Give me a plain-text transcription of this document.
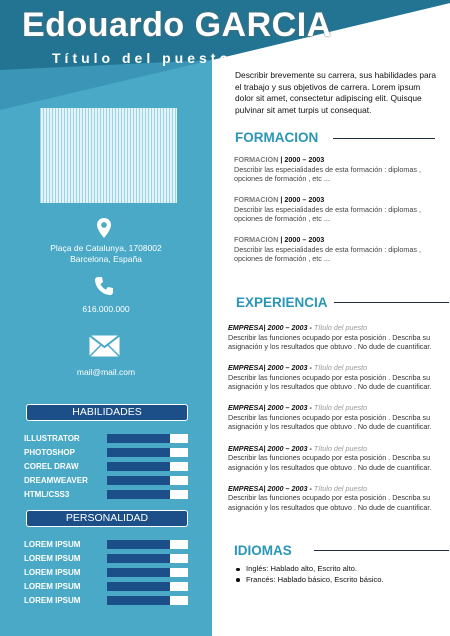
Edouardo GARCIA
Título del puesto
Plaça de Catalunya, 1708002
Barcelona, España
616.000.000
mail@mail.com
HABILIDADES
ILLUSTRATOR
PHOTOSHOP
COREL DRAW
DREAMWEAVER
HTML/CSS3
PERSONALIDAD
LOREM IPSUM
LOREM IPSUM
LOREM IPSUM
LOREM IPSUM
LOREM IPSUM
Describir brevemente su carrera, sus habilidades para el trabajo y sus objetivos de carrera. Lorem ipsum dolor sit amet, consectetur adipiscing elit. Quisque pulvinar sit amet turpis ut consequat.
FORMACION
FORMACION | 2000 – 2003
Describir las especialidades de esta formación : diplomas , opciones de formación , etc ...
FORMACION | 2000 – 2003
Describir las especialidades de esta formación : diplomas , opciones de formación , etc ...
FORMACION | 2000 – 2003
Describir las especialidades de esta formación : diplomas , opciones de formación , etc ...
EXPERIENCIA
EMPRESA| 2000 – 2003 - Título del puesto
Describir las funciones ocupado por esta posición . Describa su asignación y los resultados que obtuvo . No dude de cuantificar.
EMPRESA| 2000 – 2003 - Título del puesto
Describir las funciones ocupado por esta posición . Describa su asignación y los resultados que obtuvo . No dude de cuantificar.
EMPRESA| 2000 – 2003 - Título del puesto
Describir las funciones ocupado por esta posición . Describa su asignación y los resultados que obtuvo . No dude de cuantificar.
EMPRESA| 2000 – 2003 - Título del puesto
Describir las funciones ocupado por esta posición . Describa su asignación y los resultados que obtuvo . No dude de cuantificar.
EMPRESA| 2000 – 2003 - Título del puesto
Describir las funciones ocupado por esta posición . Describa su asignación y los resultados que obtuvo . No dude de cuantificar.
IDIOMAS
Inglés: Hablado alto, Escrito alto.
Francés: Hablado básico, Escrito básico.
